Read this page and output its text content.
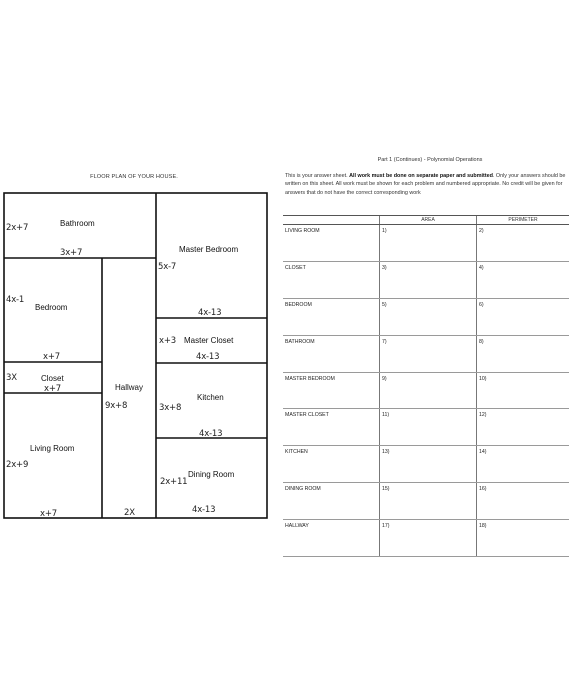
FLOOR PLAN OF YOUR HOUSE.
Bathroom
Master Bedroom
Bedroom
Master Closet
Closet
Hallway
Kitchen
Living Room
Dining Room
2x+7
3x+7
5x-7
4x-13
4x-1
x+7
x+3
4x-13
3X
x+7
9x+8	3x+8
4x-13
2x+9
2x+11
x+7	2X	4x-13
Part 1 (Continues) - Polynomial Operations
This is your answer sheet. All work must be done on separate paper and submitted. Only your answers should be written on this sheet. All work must be shown for each problem and numbered appropriate. No credit will be given for answers that do not have the correct corresponding work
	AREA	PERIMETER
LIVING ROOM	1)	2)
CLOSET	3)	4)
BEDROOM	5)	6)
BATHROOM	7)	8)
MASTER BEDROOM	9)	10)
MASTER CLOSET	11)	12)
KITCHEN	13)	14)
DINING ROOM	15)	16)
HALLWAY	17)	18)
